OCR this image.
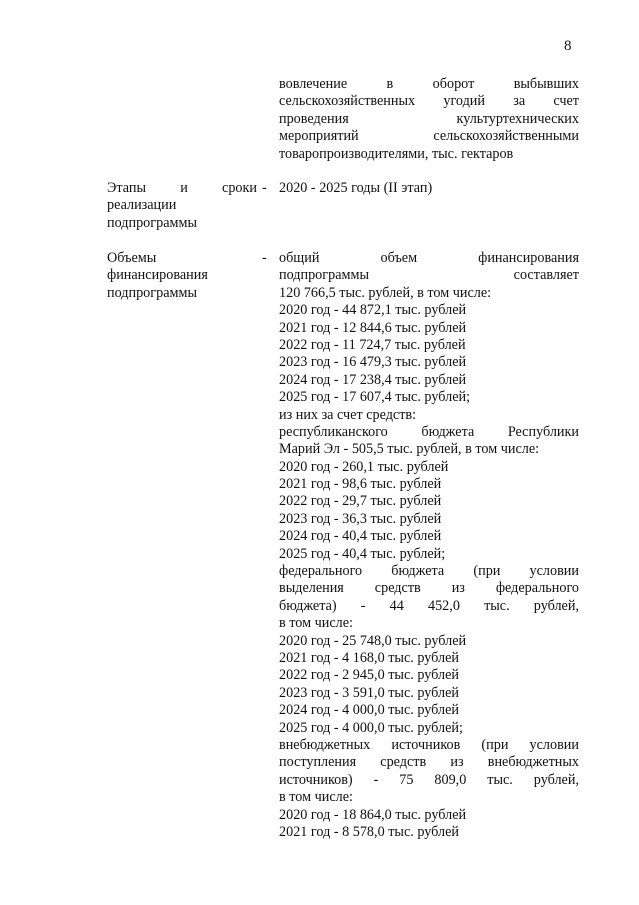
8
вовлечение в оборот выбывших
сельскохозяйственных угодий за счет
проведения культуртехнических
мероприятий сельскохозяйственными
товаропроизводителями, тыс. гектаров
Этапы и сроки
реализации
подпрограммы
- 2020 - 2025 годы (II этап)
Объемы
финансирования
подпрограммы
- общий объем финансирования
подпрограммы составляет
120 766,5 тыс. рублей, в том числе:
2020 год - 44 872,1 тыс. рублей
2021 год - 12 844,6 тыс. рублей
2022 год - 11 724,7 тыс. рублей
2023 год - 16 479,3 тыс. рублей
2024 год - 17 238,4 тыс. рублей
2025 год - 17 607,4 тыс. рублей;
из них за счет средств:
республиканского бюджета Республики
Марий Эл - 505,5 тыс. рублей, в том числе:
2020 год - 260,1 тыс. рублей
2021 год - 98,6 тыс. рублей
2022 год - 29,7 тыс. рублей
2023 год - 36,3 тыс. рублей
2024 год - 40,4 тыс. рублей
2025 год - 40,4 тыс. рублей;
федерального бюджета (при условии
выделения средств из федерального
бюджета) - 44 452,0 тыс. рублей,
в том числе:
2020 год - 25 748,0 тыс. рублей
2021 год - 4 168,0 тыс. рублей
2022 год - 2 945,0 тыс. рублей
2023 год - 3 591,0 тыс. рублей
2024 год - 4 000,0 тыс. рублей
2025 год - 4 000,0 тыс. рублей;
внебюджетных источников (при условии
поступления средств из внебюджетных
источников) - 75 809,0 тыс. рублей,
в том числе:
2020 год - 18 864,0 тыс. рублей
2021 год - 8 578,0 тыс. рублей
